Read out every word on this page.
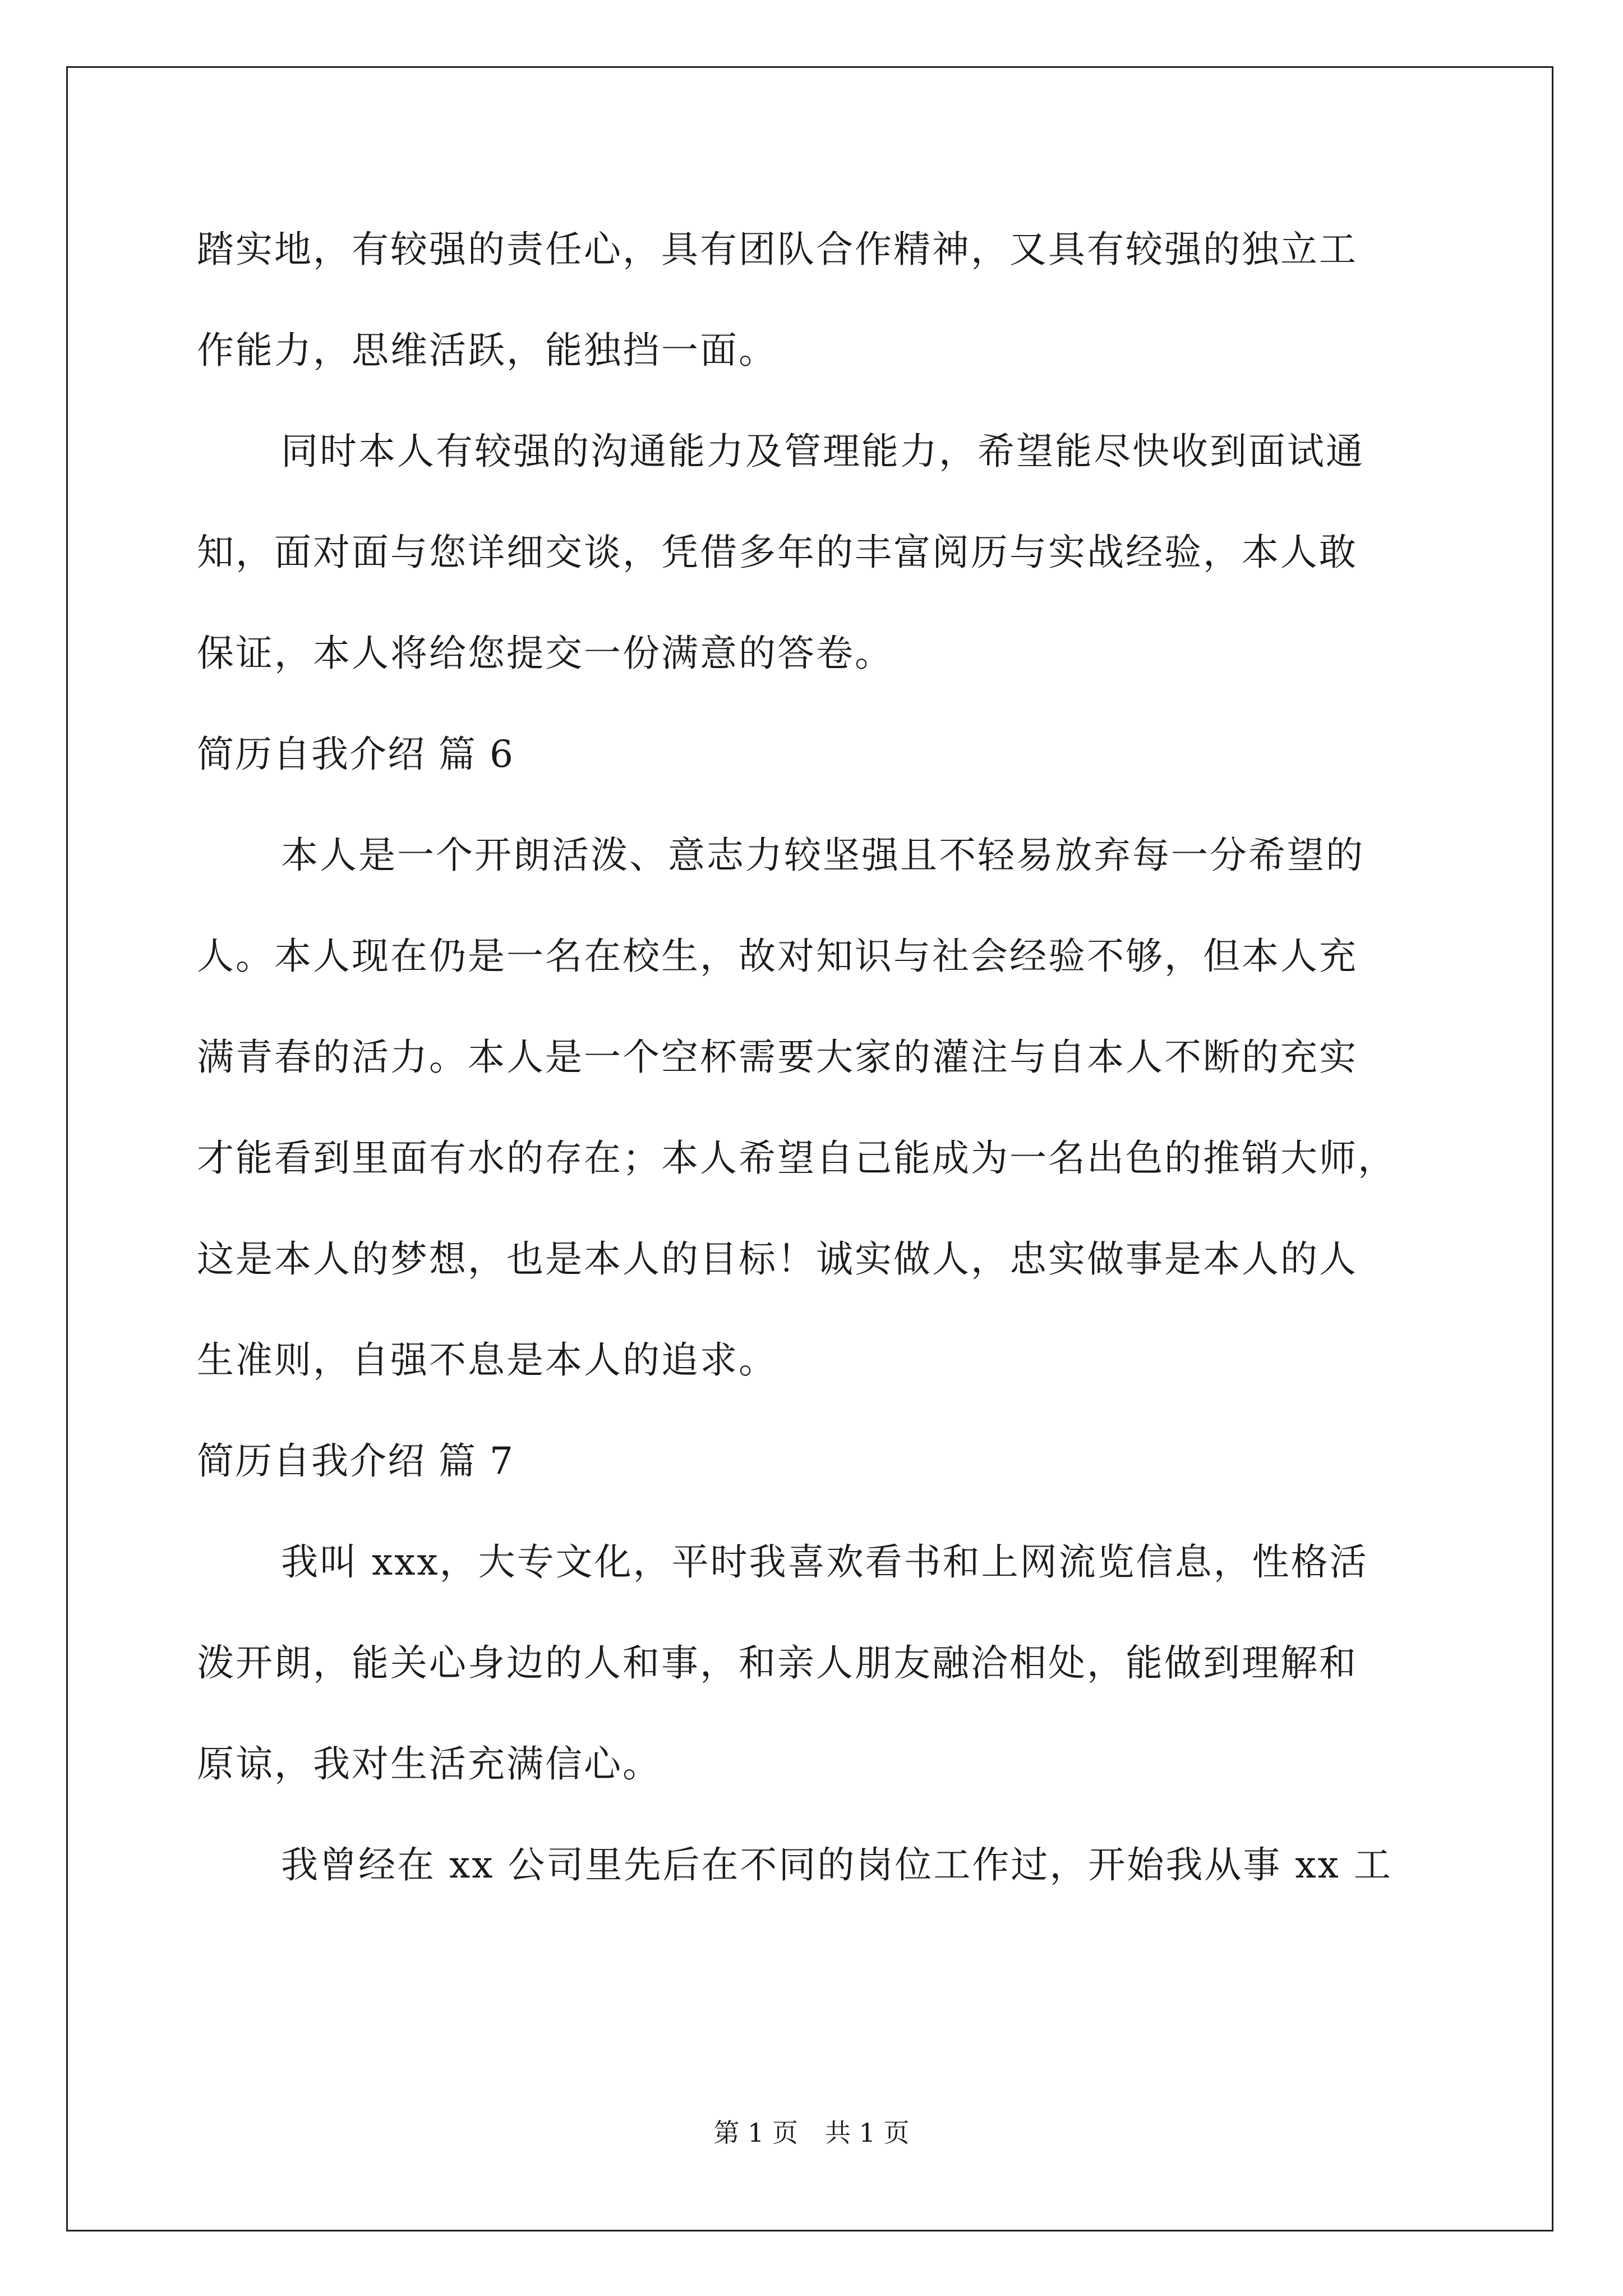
踏实地，有较强的责任心，具有团队合作精神，又具有较强的独立工
作能力，思维活跃，能独挡一面。
同时本人有较强的沟通能力及管理能力，希望能尽快收到面试通
知，面对面与您详细交谈，凭借多年的丰富阅历与实战经验，本人敢
保证，本人将给您提交一份满意的答卷。
简历自我介绍 篇 6
本人是一个开朗活泼、意志力较坚强且不轻易放弃每一分希望的
人。本人现在仍是一名在校生，故对知识与社会经验不够，但本人充
满青春的活力。本人是一个空杯需要大家的灌注与自本人不断的充实
才能看到里面有水的存在；本人希望自己能成为一名出色的推销大师，
这是本人的梦想，也是本人的目标！诚实做人，忠实做事是本人的人
生准则，自强不息是本人的追求。
简历自我介绍 篇 7
我叫 xxx，大专文化，平时我喜欢看书和上网流览信息，性格活
泼开朗，能关心身边的人和事，和亲人朋友融洽相处，能做到理解和
原谅，我对生活充满信心。
我曾经在 xx 公司里先后在不同的岗位工作过，开始我从事 xx 工
第 1 页 共 1 页
